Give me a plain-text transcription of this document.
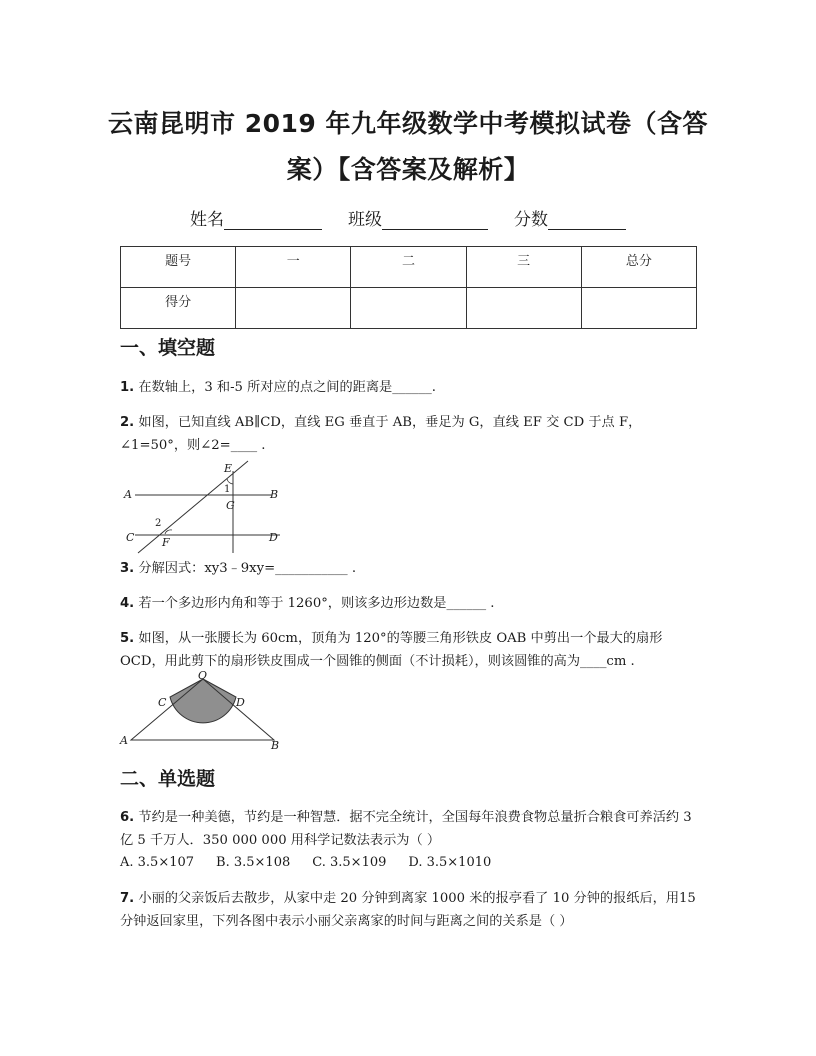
云南昆明市 2019 年九年级数学中考模拟试卷（含答
案）【含答案及解析】
姓名	班级	分数
题号	一	二	三	总分
得分				
一、填空题
1. 在数轴上，3 和-5 所对应的点之间的距离是______.
2. 如图，已知直线 AB∥CD，直线 EG 垂直于 AB，垂足为 G，直线 EF 交 CD 于点 F，∠1=50°，则∠2=____ .
A	B
C	D
E
F
G
1
2
3. 分解因式：xy3﹣9xy=___________ .
4. 若一个多边形内角和等于 1260°，则该多边形边数是______ .
5. 如图，从一张腰长为 60cm，顶角为 120°的等腰三角形铁皮 OAB 中剪出一个最大的扇形 OCD，用此剪下的扇形铁皮围成一个圆锥的侧面（不计损耗），则该圆锥的高为____cm .
O
C	D
A	B
二、单选题
6. 节约是一种美德，节约是一种智慧．据不完全统计，全国每年浪费食物总量折合粮食可养活约 3 亿 5 千万人．350 000 000 用科学记数法表示为（ ）
A. 3.5×107 B. 3.5×108 C. 3.5×109 D. 3.5×1010
7. 小丽的父亲饭后去散步，从家中走 20 分钟到离家 1000 米的报亭看了 10 分钟的报纸后，用15 分钟返回家里，下列各图中表示小丽父亲离家的时间与距离之间的关系是（ ）
